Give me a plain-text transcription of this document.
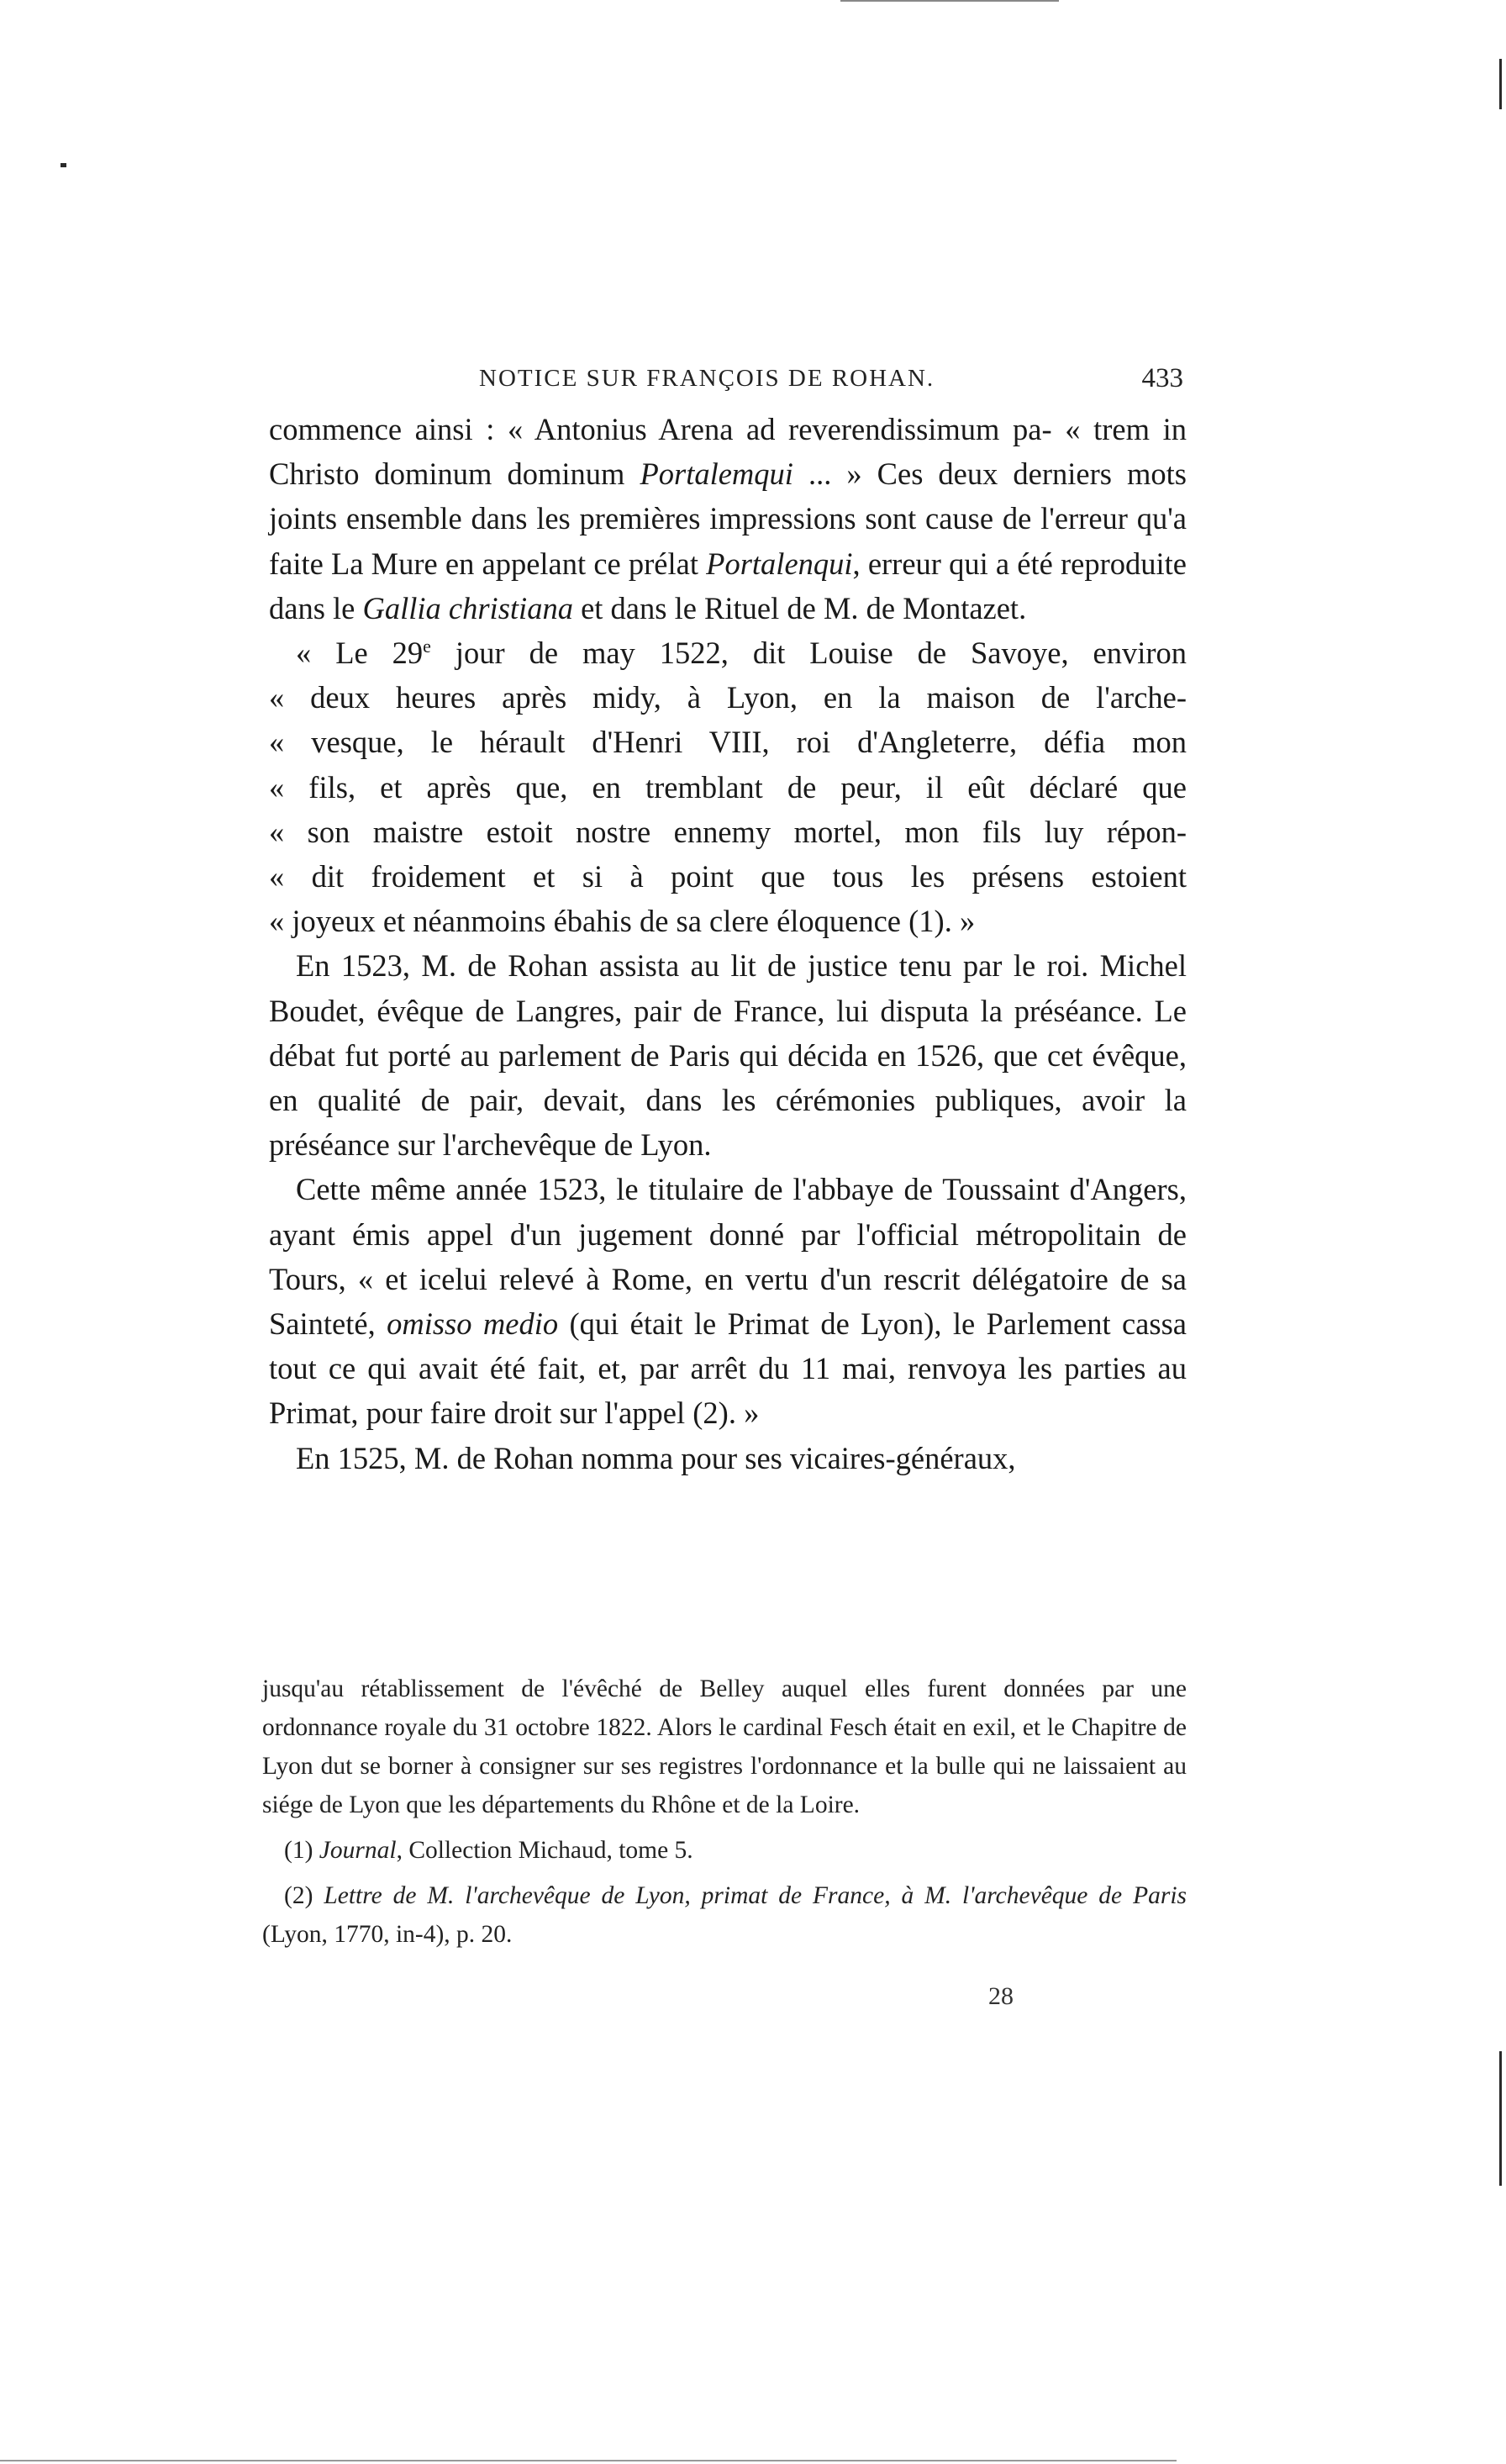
NOTICE SUR FRANÇOIS DE ROHAN.	433

commence ainsi : « Antonius Arena ad reverendissimum pa- « trem in Christo dominum dominum Portalemqui ... » Ces deux derniers mots joints ensemble dans les premières impressions sont cause de l'erreur qu'a faite La Mure en appelant ce prélat Portalenqui, erreur qui a été reproduite dans le Gallia christiana et dans le Rituel de M. de Montazet.

« Le 29e jour de may 1522, dit Louise de Savoye, environ
« deux heures après midy, à Lyon, en la maison de l'arche-
« vesque, le hérault d'Henri VIII, roi d'Angleterre, défia mon
« fils, et après que, en tremblant de peur, il eût déclaré que
« son maistre estoit nostre ennemy mortel, mon fils luy répon-
« dit froidement et si à point que tous les présens estoient
« joyeux et néanmoins ébahis de sa clere éloquence (1). »

En 1523, M. de Rohan assista au lit de justice tenu par le roi. Michel Boudet, évêque de Langres, pair de France, lui disputa la préséance. Le débat fut porté au parlement de Paris qui décida en 1526, que cet évêque, en qualité de pair, devait, dans les cérémonies publiques, avoir la préséance sur l'archevêque de Lyon.

Cette même année 1523, le titulaire de l'abbaye de Toussaint d'Angers, ayant émis appel d'un jugement donné par l'official métropolitain de Tours, « et icelui relevé à Rome, en vertu d'un rescrit délégatoire de sa Sainteté, omisso medio (qui était le Primat de Lyon), le Parlement cassa tout ce qui avait été fait, et, par arrêt du 11 mai, renvoya les parties au Primat, pour faire droit sur l'appel (2). »

En 1525, M. de Rohan nomma pour ses vicaires-généraux,

jusqu'au rétablissement de l'évêché de Belley auquel elles furent données par une ordonnance royale du 31 octobre 1822. Alors le cardinal Fesch était en exil, et le Chapitre de Lyon dut se borner à consigner sur ses registres l'ordonnance et la bulle qui ne laissaient au siége de Lyon que les départements du Rhône et de la Loire.

(1) Journal, Collection Michaud, tome 5.

(2) Lettre de M. l'archevêque de Lyon, primat de France, à M. l'archevêque de Paris (Lyon, 1770, in-4), p. 20.

28
